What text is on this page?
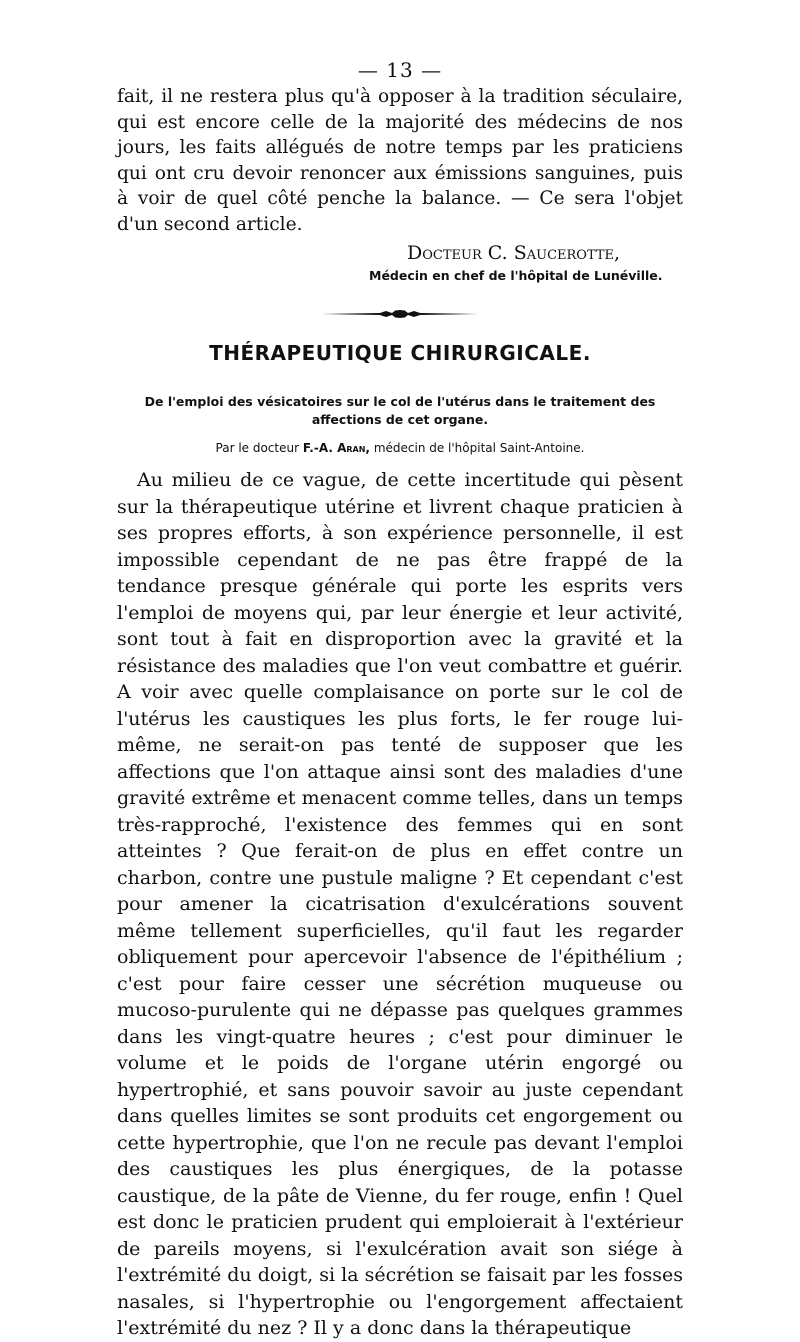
— 13 —

fait, il ne restera plus qu'à opposer à la tradition séculaire, qui est encore celle de la majorité des médecins de nos jours, les faits allégués de notre temps par les praticiens qui ont cru devoir renoncer aux émissions sanguines, puis à voir de quel côté penche la balance. — Ce sera l'objet d'un second article.

Docteur C. Saucerotte,
Médecin en chef de l'hôpital de Lunéville.
THÉRAPEUTIQUE CHIRURGICALE.
De l'emploi des vésicatoires sur le col de l'utérus dans le traitement des affections de cet organe.
Par le docteur F.-A. Aran, médecin de l'hôpital Saint-Antoine.

Au milieu de ce vague, de cette incertitude qui pèsent sur la thérapeutique utérine et livrent chaque praticien à ses propres efforts, à son expérience personnelle, il est impossible cependant de ne pas être frappé de la tendance presque générale qui porte les esprits vers l'emploi de moyens qui, par leur énergie et leur activité, sont tout à fait en disproportion avec la gravité et la résistance des maladies que l'on veut combattre et guérir. A voir avec quelle complaisance on porte sur le col de l'utérus les caustiques les plus forts, le fer rouge lui-même, ne serait-on pas tenté de supposer que les affections que l'on attaque ainsi sont des maladies d'une gravité extrême et menacent comme telles, dans un temps très-rapproché, l'existence des femmes qui en sont atteintes ? Que ferait-on de plus en effet contre un charbon, contre une pustule maligne ? Et cependant c'est pour amener la cicatrisation d'exulcérations souvent même tellement superficielles, qu'il faut les regarder obliquement pour apercevoir l'absence de l'épithélium ; c'est pour faire cesser une sécrétion muqueuse ou mucoso-purulente qui ne dépasse pas quelques grammes dans les vingt-quatre heures ; c'est pour diminuer le volume et le poids de l'organe utérin engorgé ou hypertrophié, et sans pouvoir savoir au juste cependant dans quelles limites se sont produits cet engorgement ou cette hypertrophie, que l'on ne recule pas devant l'emploi des caustiques les plus énergiques, de la potasse caustique, de la pâte de Vienne, du fer rouge, enfin ! Quel est donc le praticien prudent qui emploierait à l'extérieur de pareils moyens, si l'exulcération avait son siége à l'extrémité du doigt, si la sécrétion se faisait par les fosses nasales, si l'hypertrophie ou l'engorgement affectaient l'extrémité du nez ? Il y a donc dans la thérapeutique
